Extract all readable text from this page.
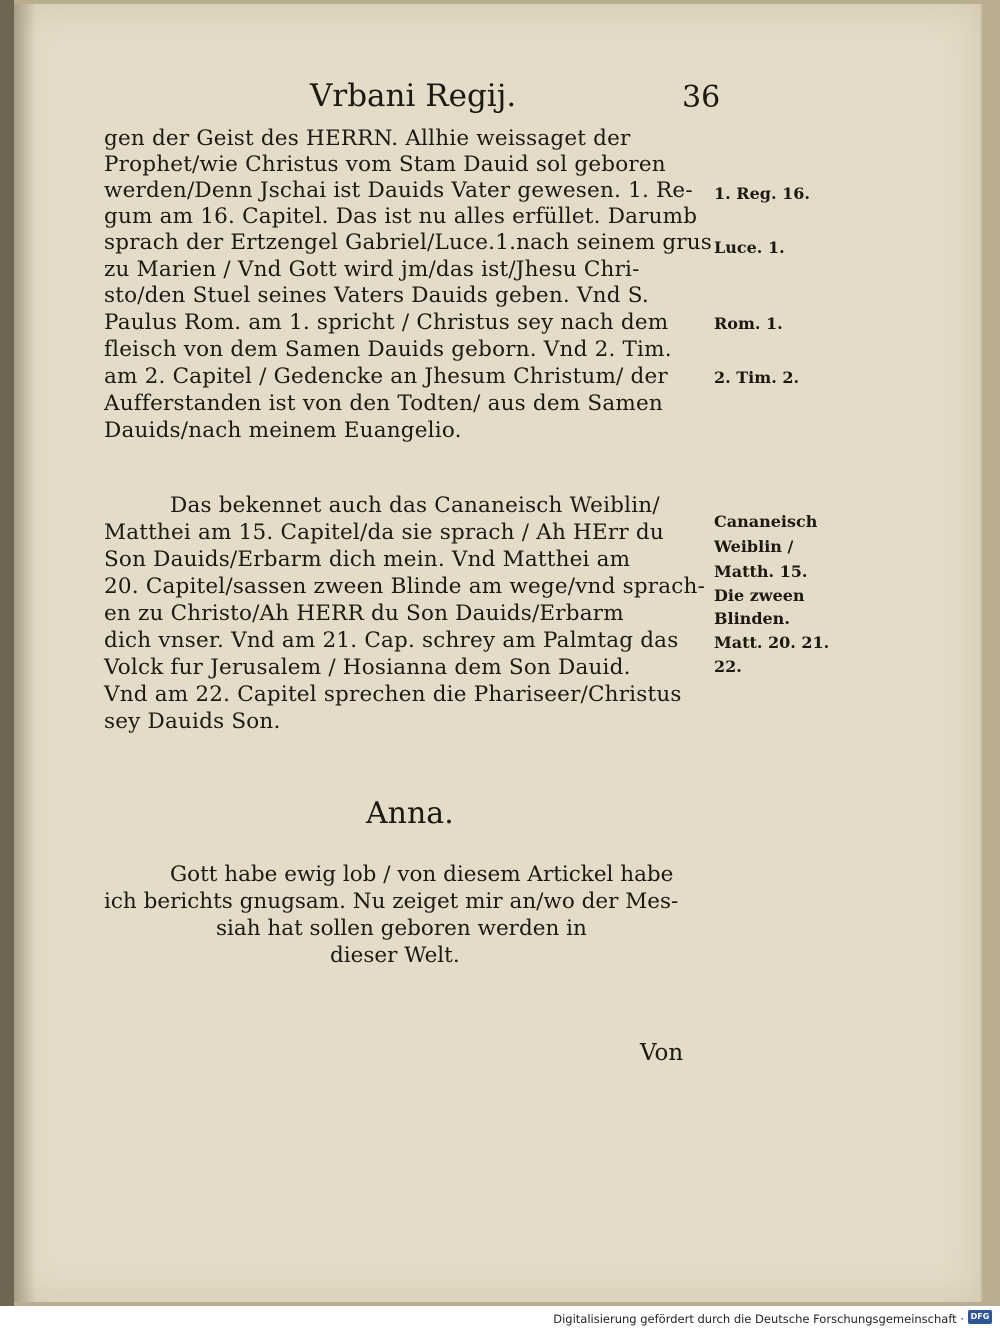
Vrbani Regij.	36
gen der Geist des HERRN. Allhie weissaget der
Prophet/wie Christus vom Stam Dauid sol geboren
werden/Denn Jschai ist Dauids Vater gewesen. 1. Re-
gum am 16. Capitel. Das ist nu alles erfüllet. Darumb
sprach der Ertzengel Gabriel/Luce.1.nach seinem grus
zu Marien / Vnd Gott wird jm/das ist/Jhesu Chri-
sto/den Stuel seines Vaters Dauids geben. Vnd S.
Paulus Rom. am 1. spricht / Christus sey nach dem
fleisch von dem Samen Dauids geborn. Vnd 2. Tim.
am 2. Capitel / Gedencke an Jhesum Christum/ der
Aufferstanden ist von den Todten/ aus dem Samen
Dauids/nach meinem Euangelio.
Das bekennet auch das Cananeisch Weiblin/
Matthei am 15. Capitel/da sie sprach / Ah HErr du
Son Dauids/Erbarm dich mein. Vnd Matthei am
20. Capitel/sassen zween Blinde am wege/vnd sprach-
en zu Christo/Ah HERR du Son Dauids/Erbarm
dich vnser. Vnd am 21. Cap. schrey am Palmtag das
Volck fur Jerusalem / Hosianna dem Son Dauid.
Vnd am 22. Capitel sprechen die Phariseer/Christus
sey Dauids Son.
Anna.
Gott habe ewig lob / von diesem Artickel habe
ich berichts gnugsam. Nu zeiget mir an/wo der Mes-
siah hat sollen geboren werden in
dieser Welt.
Von
1. Reg. 16.
Luce. 1.
Rom. 1.
2. Tim. 2.
Cananeisch
Weiblin /
Matth. 15.
Die zween
Blinden.
Matt. 20. 21.
22.
Digitalisierung gefördert durch die Deutsche Forschungsgemeinschaft · DFG
